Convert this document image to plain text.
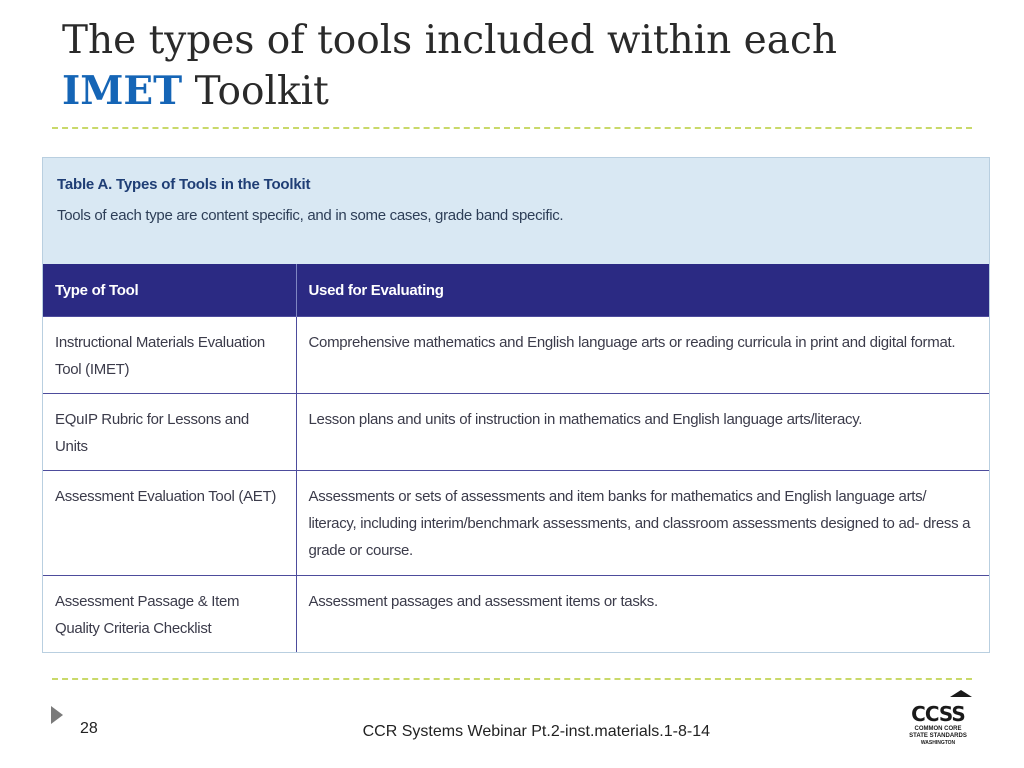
The types of tools included within each
IMET Toolkit
Table A. Types of Tools in the Toolkit
Tools of each type are content specific, and in some cases, grade band specific.
Type of Tool	Used for Evaluating
Instructional Materials Evaluation Tool (IMET)	Comprehensive mathematics and English language arts or reading curricula in print and digital format.
EQuIP Rubric for Lessons and Units	Lesson plans and units of instruction in mathematics and English language arts/literacy.
Assessment Evaluation Tool (AET)	Assessments or sets of assessments and item banks for mathematics and English language arts/ literacy, including interim/benchmark assessments, and classroom assessments designed to ad- dress a grade or course.
Assessment Passage & Item Quality Criteria Checklist	Assessment passages and assessment items or tasks.
28	CCR Systems Webinar Pt.2-inst.materials.1-8-14
CCSS
COMMON CORE
STATE STANDARDS
WASHINGTON
